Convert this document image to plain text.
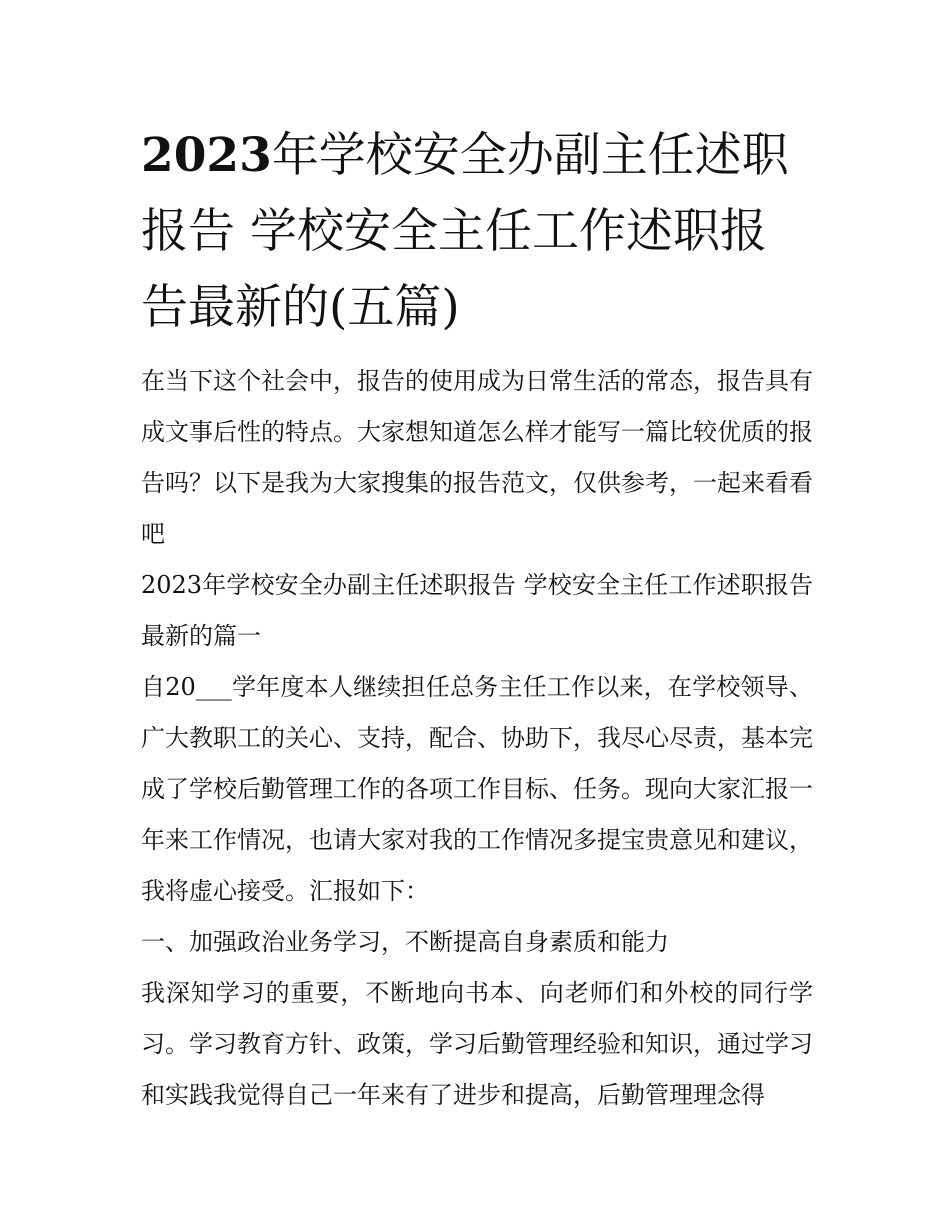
2023年学校安全办副主任述职报告 学校安全主任工作述职报告最新的(五篇)

在当下这个社会中，报告的使用成为日常生活的常态，报告具有成文事后性的特点。大家想知道怎么样才能写一篇比较优质的报告吗？以下是我为大家搜集的报告范文，仅供参考，一起来看看吧

2023年学校安全办副主任述职报告 学校安全主任工作述职报告最新的篇一

自20___学年度本人继续担任总务主任工作以来，在学校领导、广大教职工的关心、支持，配合、协助下，我尽心尽责，基本完成了学校后勤管理工作的各项工作目标、任务。现向大家汇报一年来工作情况，也请大家对我的工作情况多提宝贵意见和建议，我将虚心接受。汇报如下：

一、加强政治业务学习，不断提高自身素质和能力

我深知学习的重要，不断地向书本、向老师们和外校的同行学习。学习教育方针、政策，学习后勤管理经验和知识，通过学习和实践我觉得自己一年来有了进步和提高，后勤管理理念得
